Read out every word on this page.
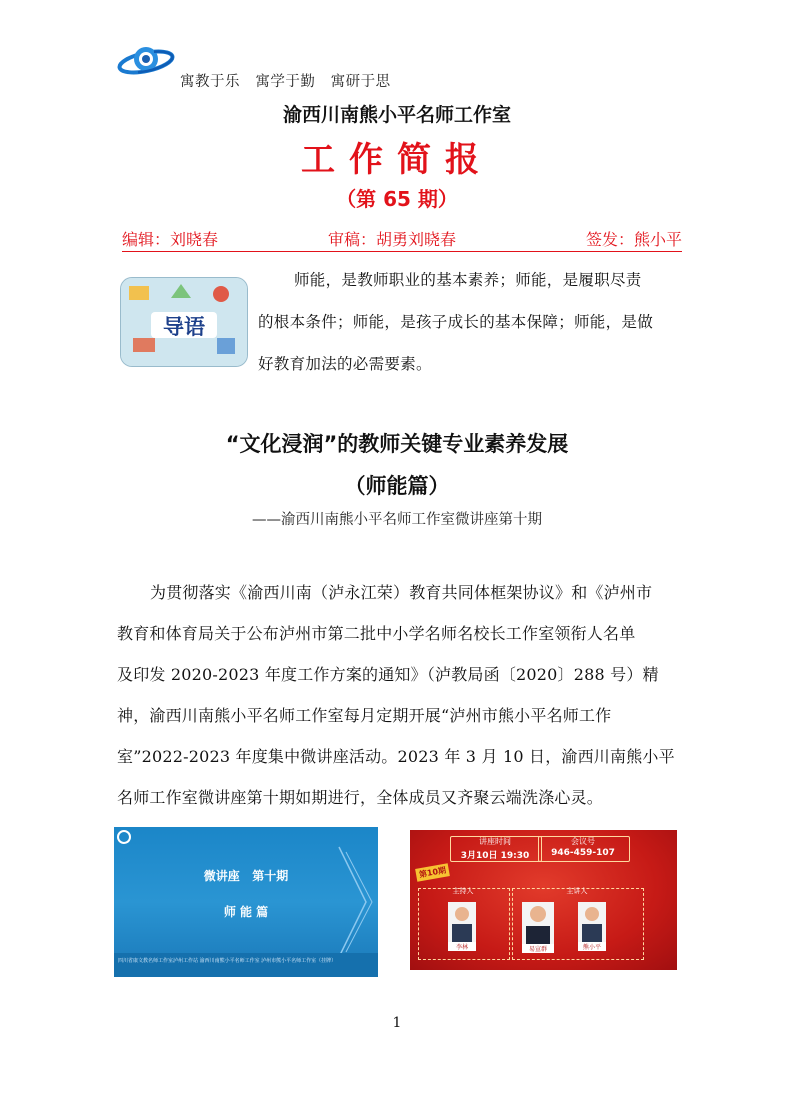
寓教于乐   寓学于勤   寓研于思
渝西川南熊小平名师工作室
工作简报
（第 65 期）
编辑：刘晓春	审稿：胡勇刘晓春	签发：熊小平
导语
师能，是教师职业的基本素养；师能，是履职尽责
的根本条件；师能，是孩子成长的基本保障；师能，是做
好教育加法的必需要素。
“文化浸润”的教师关键专业素养发展
（师能篇）
——渝西川南熊小平名师工作室微讲座第十期
为贯彻落实《渝西川南（泸永江荣）教育共同体框架协议》和《泸州市
教育和体育局关于公布泸州市第二批中小学名师名校长工作室领衔人名单
及印发 2020-2023 年度工作方案的通知》（泸教局函〔2020〕288 号）精
神，渝西川南熊小平名师工作室每月定期开展“泸州市熊小平名师工作
室”2022-2023 年度集中微讲座活动。2023 年 3 月 10 日，渝西川南熊小平
名师工作室微讲座第十期如期进行，全体成员又齐聚云端洗涤心灵。
微讲座   第十期
师 能 篇
四川省康文教名师工作室泸州工作站 渝西川南熊小平名师工作室 泸州市熊小平名师工作室（挂牌）
讲座时间
3月10日 19:30
会议号
946-459-107
第10期
主持人	主讲人
李林	易宣群	熊小平
1
